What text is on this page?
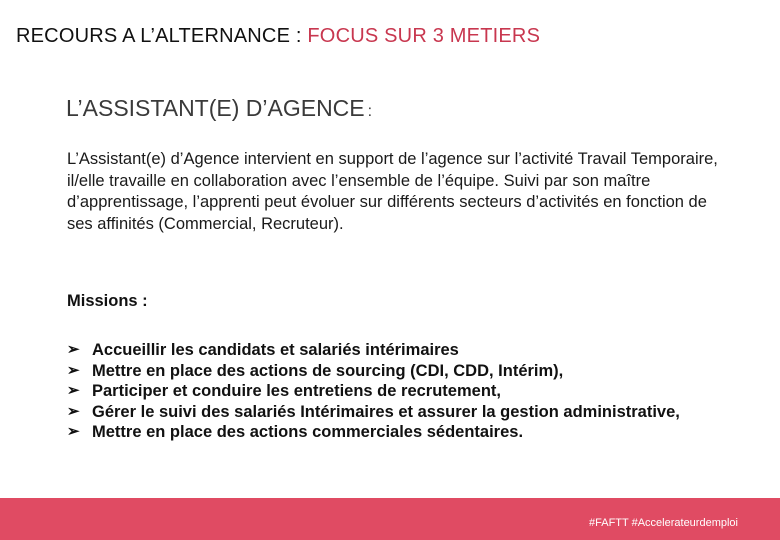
RECOURS A L’ALTERNANCE : FOCUS SUR 3 METIERS
L’ASSISTANT(E) D’AGENCE :

L’Assistant(e) d’Agence intervient en support de l’agence sur l’activité Travail Temporaire, il/elle travaille en collaboration avec l’ensemble de l’équipe. Suivi par son maître d’apprentissage, l’apprenti peut évoluer sur différents secteurs d’activités en fonction de ses affinités (Commercial, Recruteur).

Missions :

➢ Accueillir les candidats et salariés intérimaires
➢ Mettre en place des actions de sourcing (CDI, CDD, Intérim),
➢ Participer et conduire les entretiens de recrutement,
➢ Gérer le suivi des salariés Intérimaires et assurer la gestion administrative,
➢ Mettre en place des actions commerciales sédentaires.

#FAFTT #Accelerateurdemploi
